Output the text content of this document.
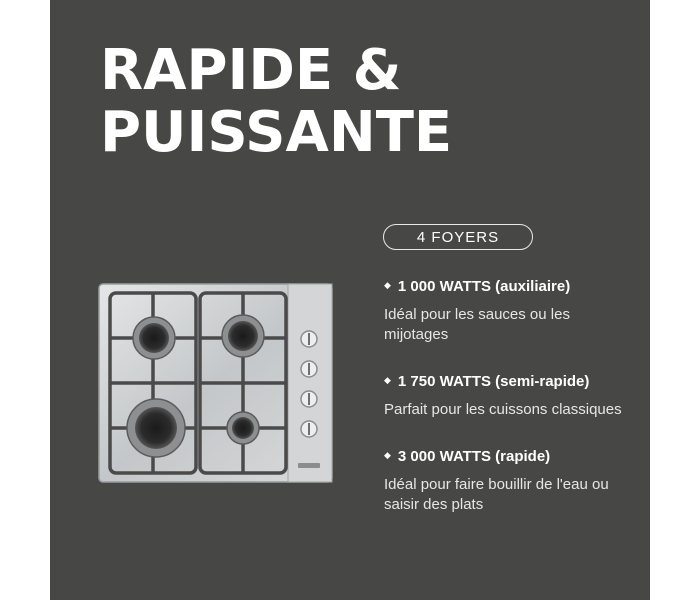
RAPIDE &
PUISSANTE
4 FOYERS
◆ 1 000 WATTS (auxiliaire)
Idéal pour les sauces ou les mijotages
◆ 1 750 WATTS (semi-rapide)
Parfait pour les cuissons classiques
◆ 3 000 WATTS (rapide)
Idéal pour faire bouillir de l'eau ou saisir des plats
